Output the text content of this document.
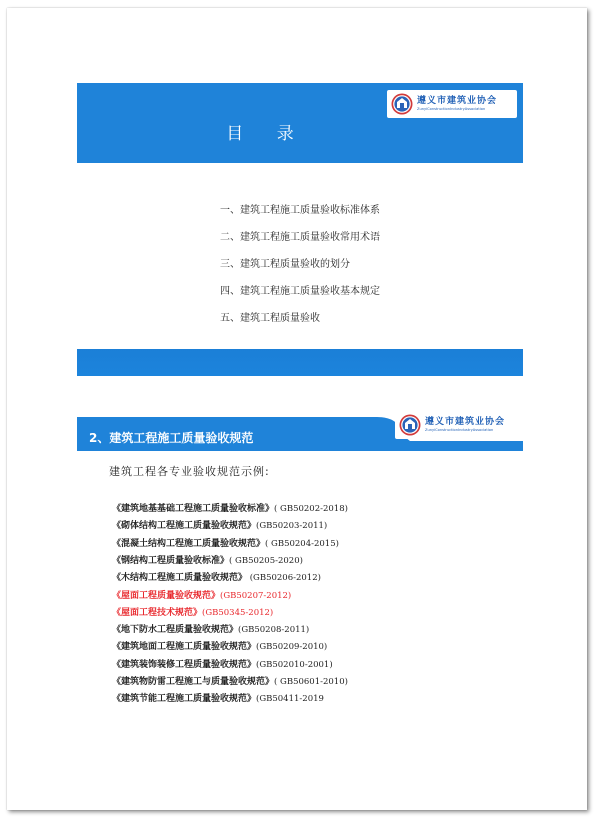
遵义市建筑业协会
ZunyiConstructionIndustryAssociation
目 录
一、建筑工程施工质量验收标准体系
二、建筑工程施工质量验收常用术语
三、建筑工程质量验收的划分
四、建筑工程施工质量验收基本规定
五、建筑工程质量验收
遵义市建筑业协会
ZunyiConstructionIndustryAssociation
2、建筑工程施工质量验收规范
建筑工程各专业验收规范示例:
《建筑地基基础工程施工质量验收标准》( GB50202-2018)
《砌体结构工程施工质量验收规范》(GB50203-2011)
《混凝土结构工程施工质量验收规范》( GB50204-2015)
《钢结构工程质量验收标准》( GB50205-2020)
《木结构工程施工质量验收规范》 (GB50206-2012)
《屋面工程质量验收规范》(GB50207-2012)
《屋面工程技术规范》(GB50345-2012)
《地下防水工程质量验收规范》(GB50208-2011)
《建筑地面工程施工质量验收规范》(GB50209-2010)
《建筑装饰装修工程质量验收规范》(GB502010-2001)
《建筑物防雷工程施工与质量验收规范》( GB50601-2010)
《建筑节能工程施工质量验收规范》(GB50411-2019
